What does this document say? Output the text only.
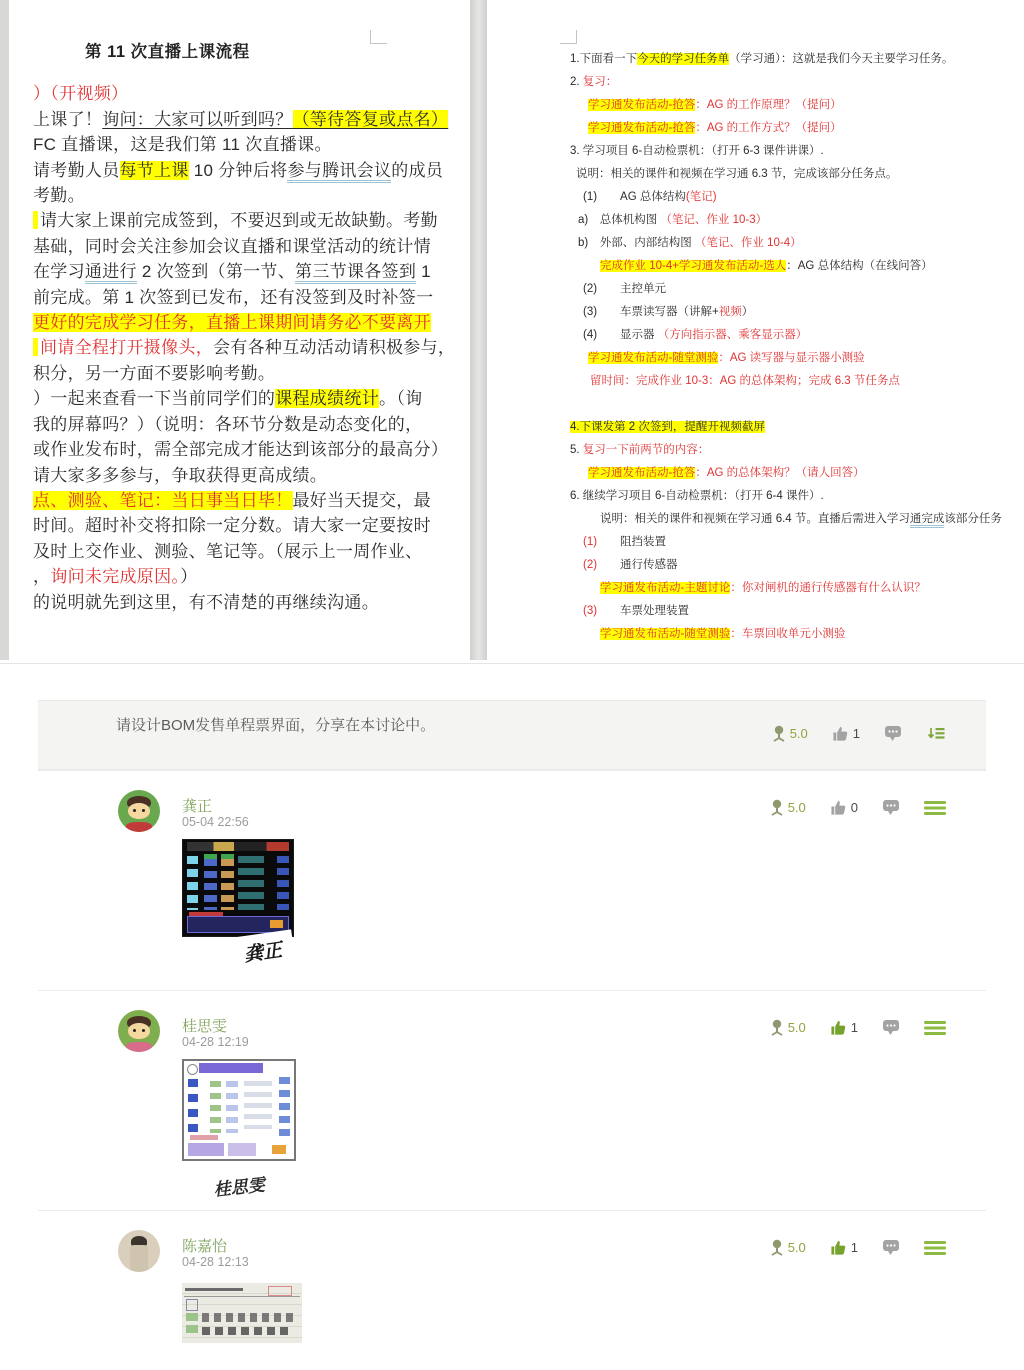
第 11 次直播上课流程
）（开视频）
上课了！询问：大家可以听到吗？（等待答复或点名）
FC 直播课，这是我们第 11 次直播课。
请考勤人员每节上课 10 分钟后将参与腾讯会议的成员
考勤。
请大家上课前完成签到，不要迟到或无故缺勤。考勤
基础，同时会关注参加会议直播和课堂活动的统计情
在学习通进行 2 次签到（第一节、第三节课各签到 1
前完成。第 1 次签到已发布，还有没签到及时补签一
更好的完成学习任务，直播上课期间请务必不要离开
间请全程打开摄像头，会有各种互动活动请积极参与，
积分，另一方面不要影响考勤。
）一起来查看一下当前同学们的课程成绩统计。（询
我的屏幕吗？）（说明：各环节分数是动态变化的，
或作业发布时，需全部完成才能达到该部分的最高分）
请大家多多参与，争取获得更高成绩。
点、测验、笔记：当日事当日毕！最好当天提交，最
时间。超时补交将扣除一定分数。请大家一定要按时
及时上交作业、测验、笔记等。（展示上一周作业、
，询问未完成原因。）
的说明就先到这里，有不清楚的再继续沟通。
1.下面看一下今天的学习任务单（学习通）：这就是我们今天主要学习任务。
2. 复习：
学习通发布活动-抢答：AG 的工作原理？（提问）
学习通发布活动-抢答：AG 的工作方式？（提问）
3. 学习项目 6-自动检票机：（打开 6-3 课件讲课）.
说明：相关的课件和视频在学习通 6.3 节，完成该部分任务点。
(1)　　AG 总体结构(笔记)
a)　总体机构图 （笔记、作业 10-3）
b)　外部、内部结构图 （笔记、作业 10-4）
完成作业 10-4+学习通发布活动-选人：AG 总体结构（在线问答）
(2)　　主控单元
(3)　　车票读写器（讲解+视频）
(4)　　显示器 （方向指示器、乘客显示器）
学习通发布活动-随堂测验：AG 读写器与显示器小测验
留时间：完成作业 10-3：AG 的总体架构；完成 6.3 节任务点
4.下课发第 2 次签到，提醒开视频截屏
5. 复习一下前两节的内容：
学习通发布活动-抢答：AG 的总体架构？（请人回答）
6. 继续学习项目 6-自动检票机：（打开 6-4 课件）.
说明：相关的课件和视频在学习通 6.4 节。直播后需进入学习通完成该部分任务
(1)　　阻挡装置
(2)　　通行传感器
学习通发布活动-主题讨论：你对闸机的通行传感器有什么认识？
(3)　　车票处理装置
学习通发布活动-随堂测验：车票回收单元小测验
请设计BOM发售单程票界面，分享在本讨论中。	5.0	1
龚正
05-04 22:56
龚正
5.0	0
桂思雯
04-28 12:19
桂思雯
5.0	1
陈嘉怡
04-28 12:13
5.0	1
